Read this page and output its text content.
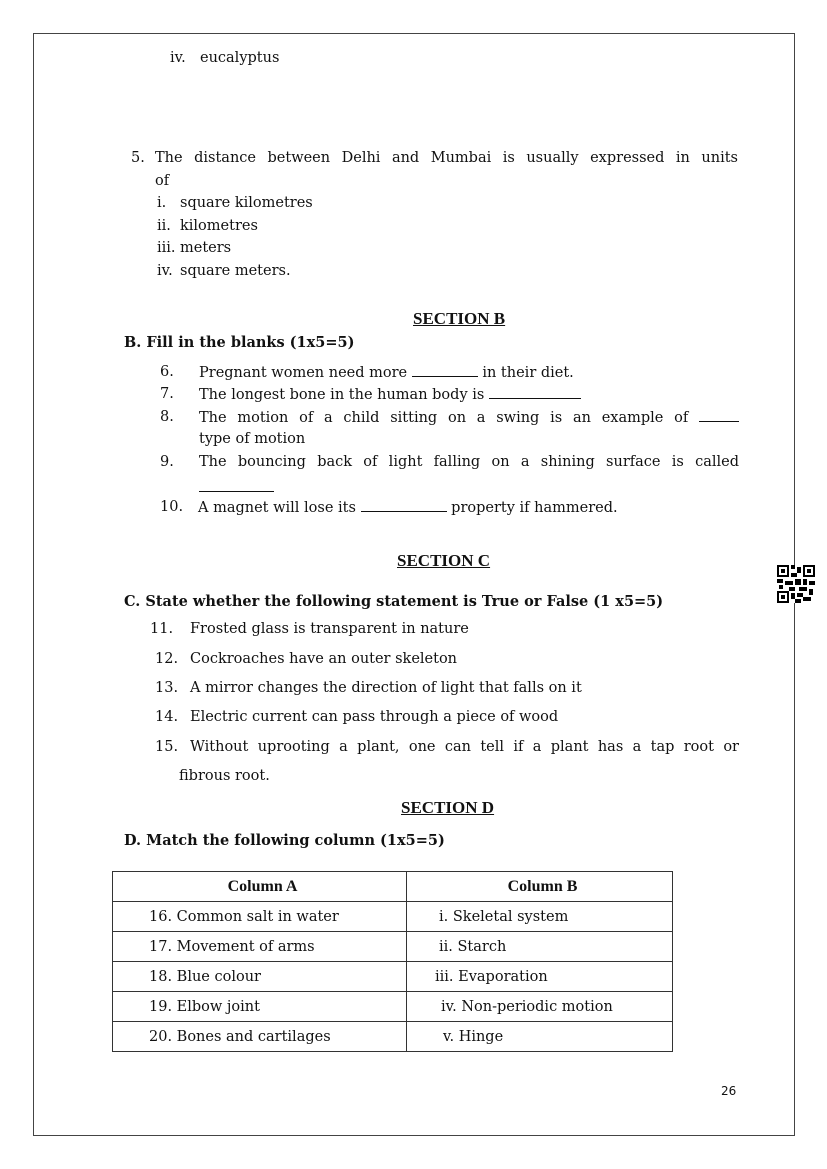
iv. eucalyptus
5. The distance between Delhi and Mumbai is usually expressed in units
of
i. square kilometres
ii. kilometres
iii. meters
iv. square meters.
SECTION B
B. Fill in the blanks (1x5=5)
6. Pregnant women need more	in their diet.
7. The longest bone in the human body is
8. The motion of a child sitting on a swing is an example of
type of motion
9. The bouncing back of light falling on a shining surface is called
10. A magnet will lose its	property if hammered.
SECTION C
C. State whether the following statement is True or False (1 x5=5)
11. Frosted glass is transparent in nature
12. Cockroaches have an outer skeleton
13. A mirror changes the direction of light that falls on it
14. Electric current can pass through a piece of wood
15. Without uprooting a plant, one can tell if a plant has a tap root or
fibrous root.
SECTION D
D. Match the following column (1x5=5)
Column A	Column B
16. Common salt in water	i. Skeletal system
17. Movement of arms	ii. Starch
18. Blue colour	iii. Evaporation
19. Elbow joint	iv. Non-periodic motion
20. Bones and cartilages	v. Hinge
26
